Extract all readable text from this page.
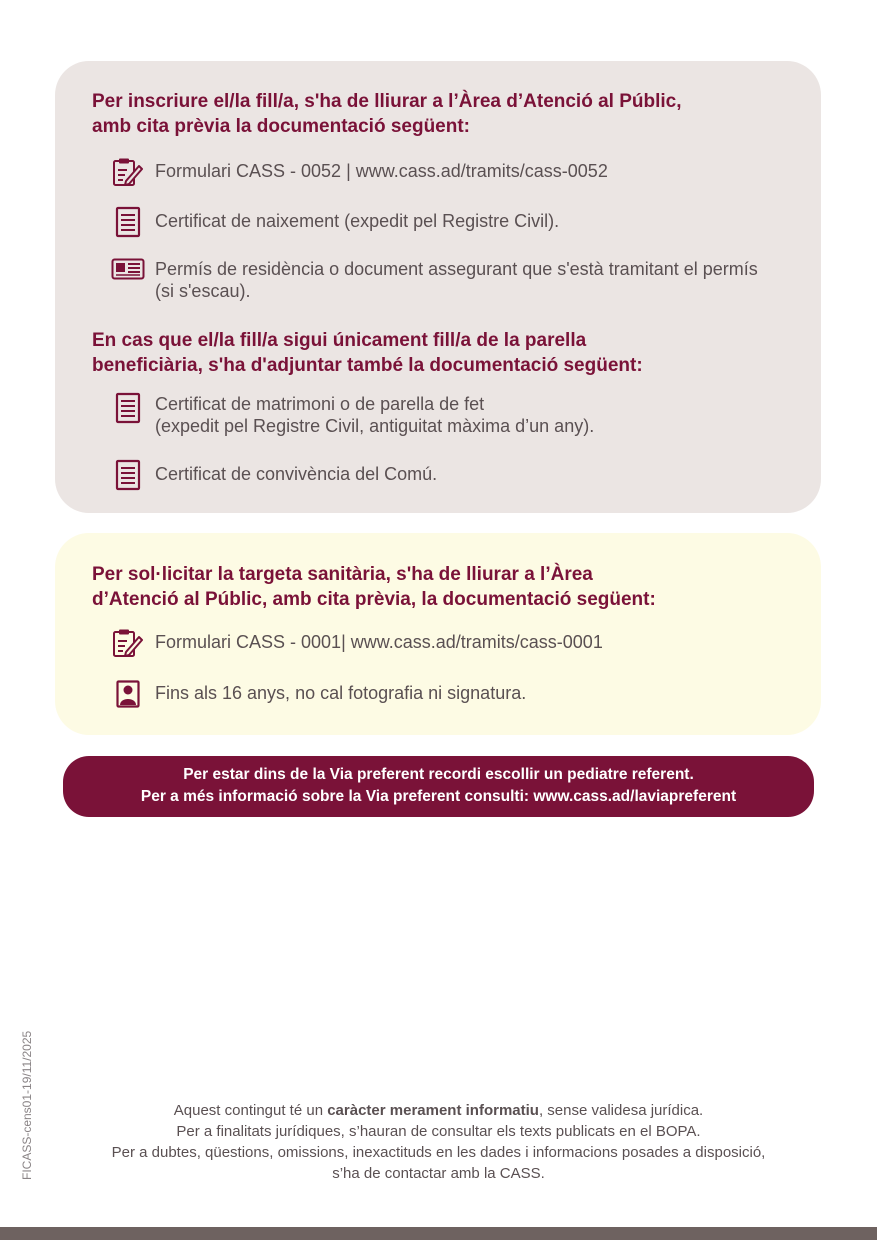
Per inscriure el/la fill/a, s'ha de lliurar a l’Àrea d’Atenció al Públic,
amb cita prèvia la documentació següent:
Formulari CASS - 0052 | www.cass.ad/tramits/cass-0052
Certificat de naixement (expedit pel Registre Civil).
Permís de residència o document assegurant que s'està tramitant el permís
(si s'escau).
En cas que el/la fill/a sigui únicament fill/a de la parella
beneficiària, s'ha d'adjuntar també la documentació següent:
Certificat de matrimoni o de parella de fet
(expedit pel Registre Civil, antiguitat màxima d’un any).
Certificat de convivència del Comú.
Per sol·licitar la targeta sanitària, s'ha de lliurar a l’Àrea
d’Atenció al Públic, amb cita prèvia, la documentació següent:
Formulari CASS - 0001| www.cass.ad/tramits/cass-0001
Fins als 16 anys, no cal fotografia ni signatura.
Per estar dins de la Via preferent recordi escollir un pediatre referent.
Per a més informació sobre la Via preferent consulti: www.cass.ad/laviapreferent
FICASS-cens01-19/11/2025	Aquest contingut té un caràcter merament informatiu, sense validesa jurídica.
Per a finalitats jurídiques, s’hauran de consultar els texts publicats en el BOPA.
Per a dubtes, qüestions, omissions, inexactituds en les dades i informacions posades a disposició,
s’ha de contactar amb la CASS.
